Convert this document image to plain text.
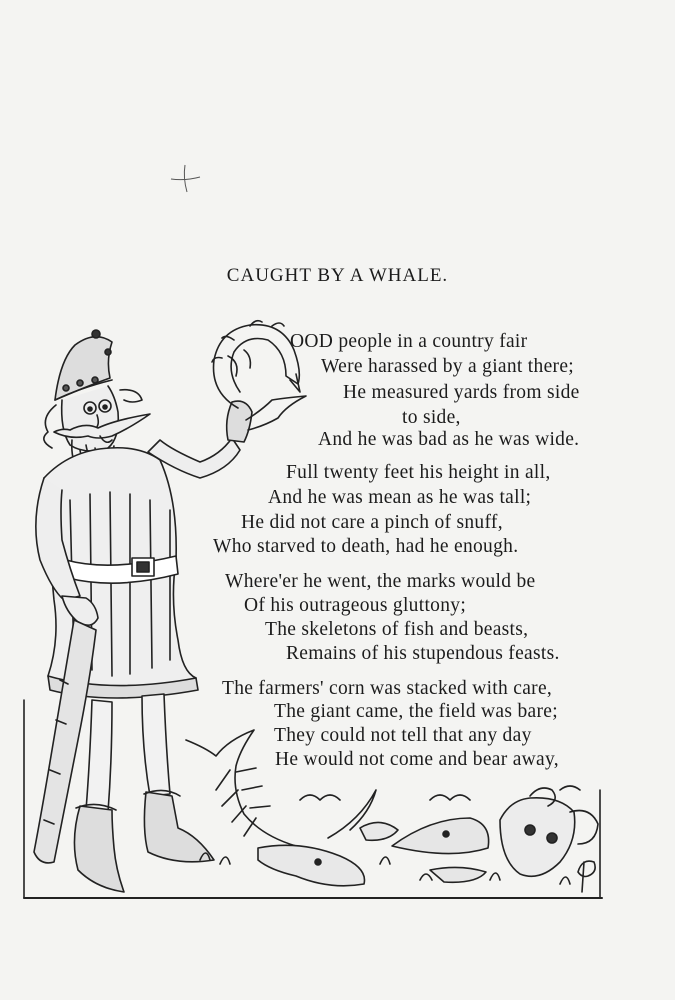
CAUGHT BY A WHALE.
OOD people in a country fair
Were harassed by a giant there;
He measured yards from side
to side,
And he was bad as he was wide.
Full twenty feet his height in all,
And he was mean as he was tall;
He did not care a pinch of snuff,
Who starved to death, had he enough.
Where'er he went, the marks would be
Of his outrageous gluttony;
The skeletons of fish and beasts,
Remains of his stupendous feasts.
The farmers' corn was stacked with care,
The giant came, the field was bare;
They could not tell that any day
He would not come and bear away,
